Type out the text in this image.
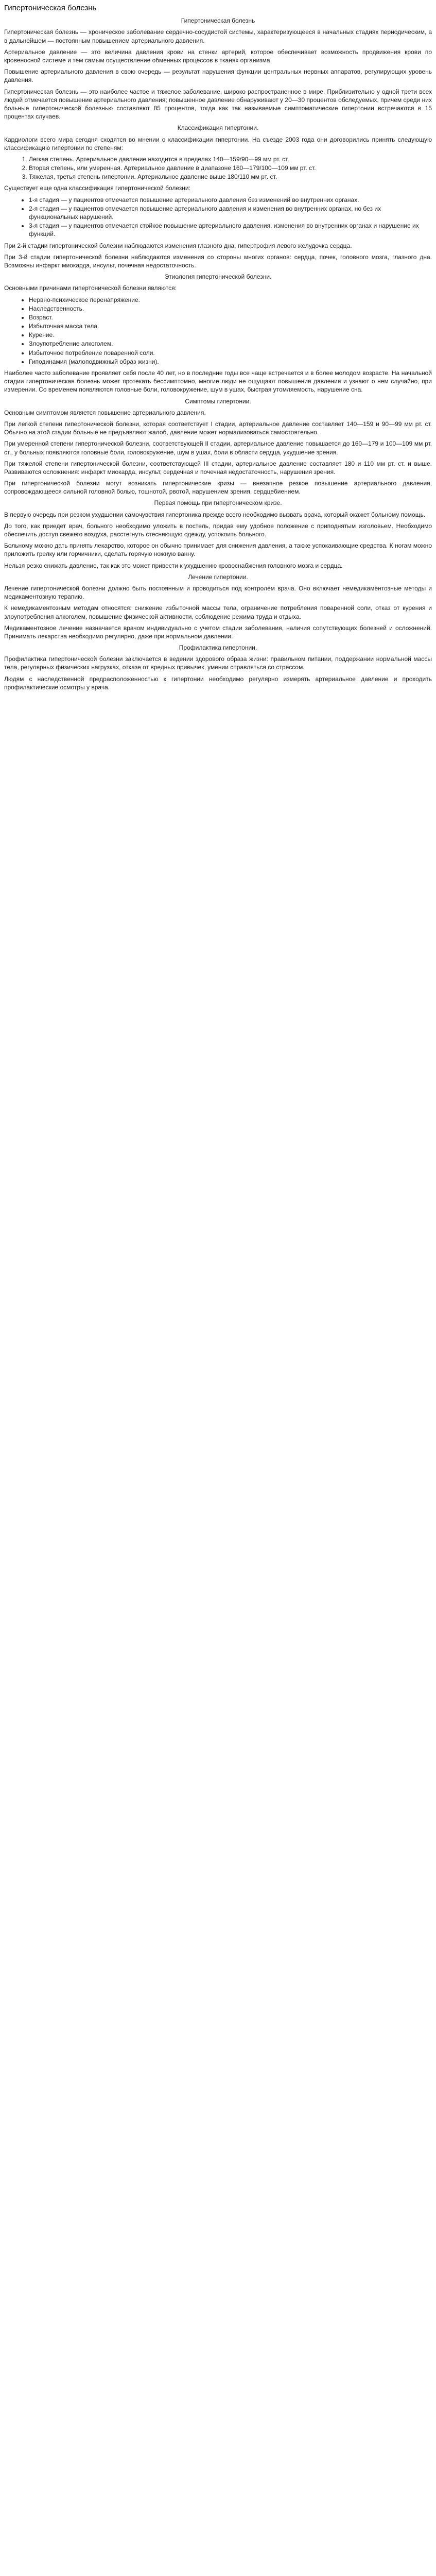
Гипертоническая болезнь
Гипертоническая болезнь

Гипертоническая болезнь — хроническое заболевание сердечно-сосудистой системы, характеризующееся в начальных стадиях периодическим, а в дальнейшем — постоянным повышением артериального давления.

Артериальное давление — это величина давления крови на стенки артерий, которое обеспечивает возможность продвижения крови по кровеносной системе и тем самым осуществление обменных процессов в тканях организма.

Повышение артериального давления в свою очередь — результат нарушения функции центральных нервных аппаратов, регулирующих уровень давления.

Гипертоническая болезнь — это наиболее частое и тяжелое заболевание, широко распространенное в мире. Приблизительно у одной трети всех людей отмечается повышение артериального давления; повышенное давление обнаруживают у 20—30 процентов обследуемых, причем среди них больные гипертонической болезнью составляют 85 процентов, тогда как так называемые симптоматические гипертонии встречаются в 15 процентах случаев.

Классификация гипертонии.

Кардиологи всего мира сегодня сходятся во мнении о классификации гипертонии. На съезде 2003 года они договорились принять следующую классификацию гипертонии по степеням:

1. Легкая степень. Артериальное давление находится в пределах 140—159/90—99 мм рт. ст.
2. Вторая степень, или умеренная. Артериальное давление в диапазоне 160—179/100—109 мм рт. ст.
3. Тяжелая, третья степень гипертонии. Артериальное давление выше 180/110 мм рт. ст.

Существует еще одна классификация гипертонической болезни:

• 1-я стадия — у пациентов отмечается повышение артериального давления без изменений во внутренних органах.
• 2-я стадия — у пациентов отмечается повышение артериального давления и изменения во внутренних органах, но без их функциональных нарушений.
• 3-я стадия — у пациентов отмечается стойкое повышение артериального давления, изменения во внутренних органах и нарушение их функций.

При 2-й стадии гипертонической болезни наблюдаются изменения глазного дна, гипертрофия левого желудочка сердца.

При 3-й стадии гипертонической болезни наблюдаются изменения со стороны многих органов: сердца, почек, головного мозга, глазного дна. Возможны инфаркт миокарда, инсульт, почечная недостаточность.

Этиология гипертонической болезни.

Основными причинами гипертонической болезни являются:

• Нервно-психическое перенапряжение.
• Наследственность.
• Возраст.
• Избыточная масса тела.
• Курение.
• Злоупотребление алкоголем.
• Избыточное потребление поваренной соли.
• Гиподинамия (малоподвижный образ жизни).

Наиболее часто заболевание проявляет себя после 40 лет, но в последние годы все чаще встречается и в более молодом возрасте. На начальной стадии гипертоническая болезнь может протекать бессимптомно, многие люди не ощущают повышения давления и узнают о нем случайно, при измерении. Со временем появляются головные боли, головокружение, шум в ушах, быстрая утомляемость, нарушение сна.

Симптомы гипертонии.

Основным симптомом является повышение артериального давления.

При легкой степени гипертонической болезни, которая соответствует I стадии, артериальное давление составляет 140—159 и 90—99 мм рт. ст. Обычно на этой стадии больные не предъявляют жалоб, давление может нормализоваться самостоятельно.

При умеренной степени гипертонической болезни, соответствующей II стадии, артериальное давление повышается до 160—179 и 100—109 мм рт. ст., у больных появляются головные боли, головокружение, шум в ушах, боли в области сердца, ухудшение зрения.

При тяжелой степени гипертонической болезни, соответствующей III стадии, артериальное давление составляет 180 и 110 мм рт. ст. и выше. Развиваются осложнения: инфаркт миокарда, инсульт, сердечная и почечная недостаточность, нарушения зрения.

При гипертонической болезни могут возникать гипертонические кризы — внезапное резкое повышение артериального давления, сопровождающееся сильной головной болью, тошнотой, рвотой, нарушением зрения, сердцебиением.

Первая помощь при гипертоническом кризе.

В первую очередь при резком ухудшении самочувствия гипертоника прежде всего необходимо вызвать врача, который окажет больному помощь.

До того, как приедет врач, больного необходимо уложить в постель, придав ему удобное положение с приподнятым изголовьем. Необходимо обеспечить доступ свежего воздуха, расстегнуть стесняющую одежду, успокоить больного.

Больному можно дать принять лекарство, которое он обычно принимает для снижения давления, а также успокаивающие средства. К ногам можно приложить грелку или горчичники, сделать горячую ножную ванну.

Нельзя резко снижать давление, так как это может привести к ухудшению кровоснабжения головного мозга и сердца.

Лечение гипертонии.

Лечение гипертонической болезни должно быть постоянным и проводиться под контролем врача. Оно включает немедикаментозные методы и медикаментозную терапию.

К немедикаментозным методам относятся: снижение избыточной массы тела, ограничение потребления поваренной соли, отказ от курения и злоупотребления алкоголем, повышение физической активности, соблюдение режима труда и отдыха.

Медикаментозное лечение назначается врачом индивидуально с учетом стадии заболевания, наличия сопутствующих болезней и осложнений. Принимать лекарства необходимо регулярно, даже при нормальном давлении.

Профилактика гипертонии.

Профилактика гипертонической болезни заключается в ведении здорового образа жизни: правильном питании, поддержании нормальной массы тела, регулярных физических нагрузках, отказе от вредных привычек, умении справляться со стрессом.

Людям с наследственной предрасположенностью к гипертонии необходимо регулярно измерять артериальное давление и проходить профилактические осмотры у врача.
